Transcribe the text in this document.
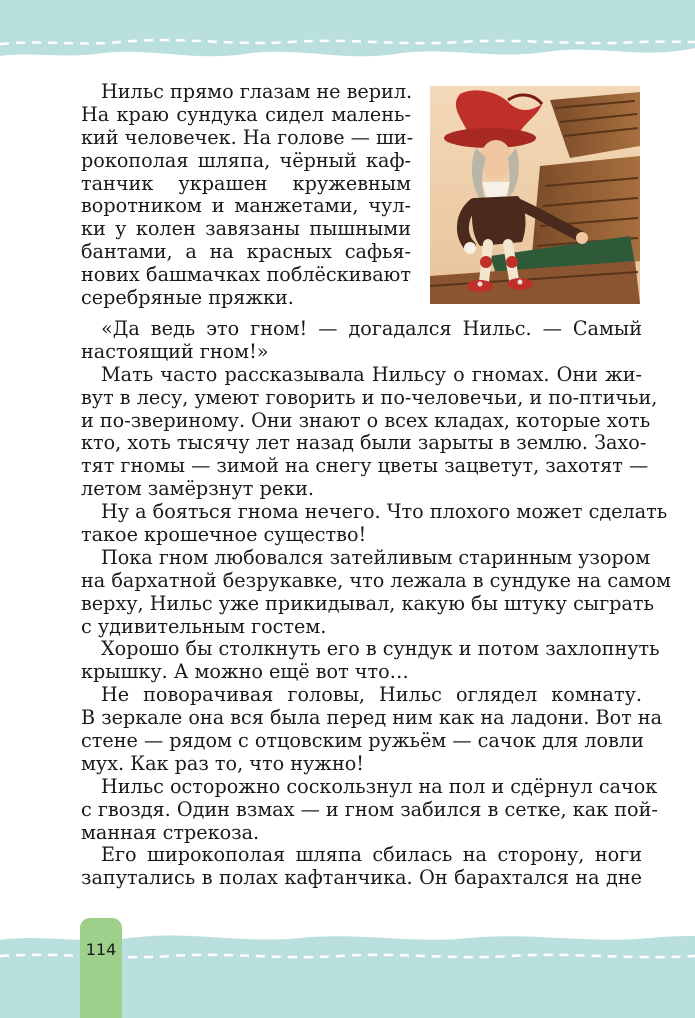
Нильс прямо глазам не верил.
На краю сундука сидел малень-
кий человечек. На голове — ши-
рокополая шляпа, чёрный каф-
танчик украшен кружевным
воротником и манжетами, чул-
ки у колен завязаны пышными
бантами, а на красных сафья-
нових башмачках поблёскивают
серебряные пряжки.
«Да ведь это гном! — догадался Нильс. — Самый
настоящий гном!»
Мать часто рассказывала Нильсу о гномах. Они жи-
вут в лесу, умеют говорить и по-человечьи, и по-птичьи,
и по-звериному. Они знают о всех кладах, которые хоть
кто, хоть тысячу лет назад были зарыты в землю. Захо-
тят гномы — зимой на снегу цветы зацветут, захотят —
летом замёрзнут реки.
Ну а бояться гнома нечего. Что плохого может сделать
такое крошечное существо!
Пока гном любовался затейливым старинным узором
на бархатной безрукавке, что лежала в сундуке на самом
верху, Нильс уже прикидывал, какую бы штуку сыграть
с удивительным гостем.
Хорошо бы столкнуть его в сундук и потом захлопнуть
крышку. А можно ещё вот что…
Не поворачивая головы, Нильс оглядел комнату.
В зеркале она вся была перед ним как на ладони. Вот на
стене — рядом с отцовским ружьём — сачок для ловли
мух. Как раз то, что нужно!
Нильс осторожно соскользнул на пол и сдёрнул сачок
с гвоздя. Один взмах — и гном забился в сетке, как пой-
манная стрекоза.
Его широкополая шляпа сбилась на сторону, ноги
запутались в полах кафтанчика. Он барахтался на дне
114
